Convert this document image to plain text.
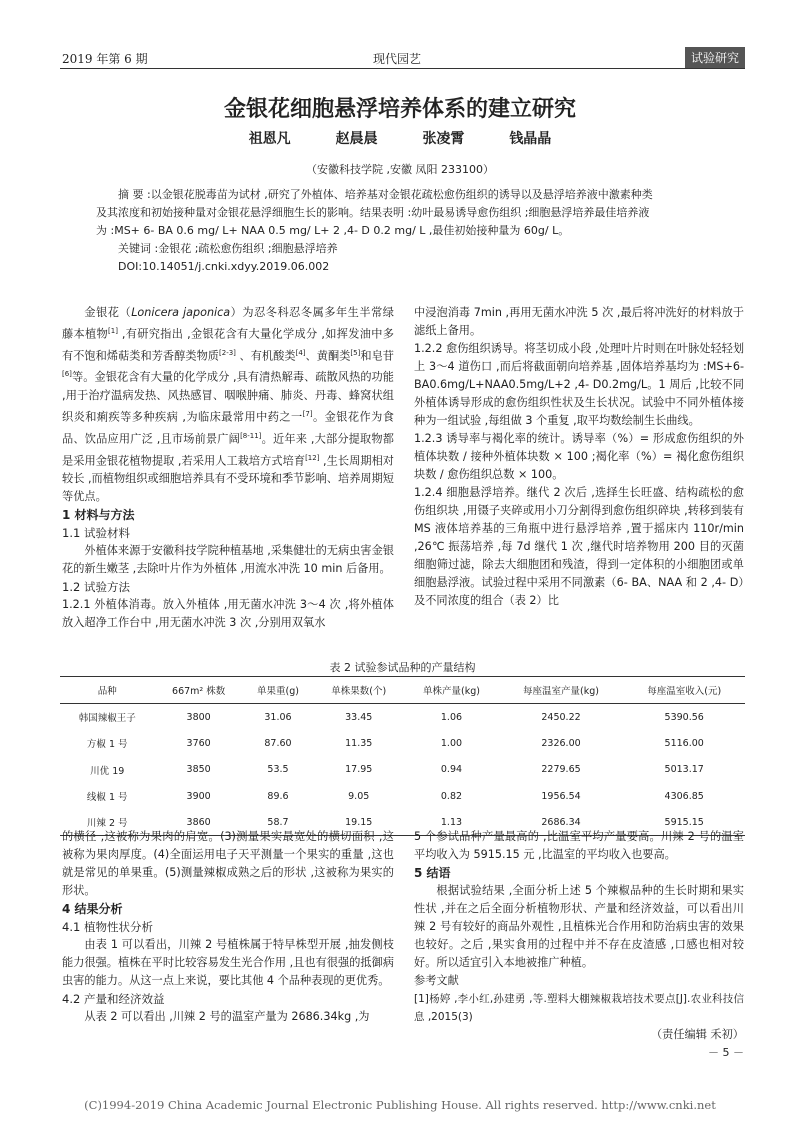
2019 年第 6 期	现代园艺	试验研究
金银花细胞悬浮培养体系的建立研究
祖恩凡	赵晨晨	张凌霄	钱晶晶
（安徽科技学院 ,安徽 凤阳 233100）
摘 要 :以金银花脱毒苗为试材 ,研究了外植体、培养基对金银花疏松愈伤组织的诱导以及悬浮培养液中激素种类
及其浓度和初始接种量对金银花悬浮细胞生长的影响。结果表明 :幼叶最易诱导愈伤组织 ;细胞悬浮培养最佳培养液
为 :MS+ 6- BA 0.6 mg/ L+ NAA 0.5 mg/ L+ 2 ,4- D 0.2 mg/ L ,最佳初始接种量为 60g/ L。
关键词 :金银花 ;疏松愈伤组织 ;细胞悬浮培养
DOI:10.14051/j.cnki.xdyy.2019.06.002
金银花（Lonicera japonica）为忍冬科忍冬属多年生半常绿藤本植物[1] ,有研究指出 ,金银花含有大量化学成分 ,如挥发油中多有不饱和烯萜类和芳香醇类物质[2-3] 、有机酸类[4]、黄酮类[5]和皂苷[6]等。金银花含有大量的化学成分 ,具有清热解毒、疏散风热的功能 ,用于治疗温病发热、风热感冒、咽喉肿痛、肺炎、丹毒、蜂窝状组织炎和痢疾等多种疾病 ,为临床最常用中药之一[7]。金银花作为食品、饮品应用广泛 ,且市场前景广阔[8-11]。近年来 ,大部分提取物都是采用金银花植物提取 ,若采用人工栽培方式培育[12] ,生长周期相对较长 ,而植物组织或细胞培养具有不受环境和季节影响、培养周期短等优点。
1 材料与方法
1.1 试验材料
外植体来源于安徽科技学院种植基地 ,采集健壮的无病虫害金银花的新生嫩茎 ,去除叶片作为外植体 ,用流水冲洗 10 min 后备用。
1.2 试验方法
1.2.1 外植体消毒。放入外植体 ,用无菌水冲洗 3～4 次 ,将外植体放入超净工作台中 ,用无菌水冲洗 3 次 ,分别用双氧水
中浸泡消毒 7min ,再用无菌水冲洗 5 次 ,最后将冲洗好的材料放于滤纸上备用。
1.2.2 愈伤组织诱导。将茎切成小段 ,处理叶片时则在叶脉处轻轻划上 3～4 道伤口 ,而后将截面朝向培养基 ,固体培养基均为 :MS+6- BA0.6mg/L+NAA0.5mg/L+2 ,4- D0.2mg/L。1 周后 ,比较不同外植体诱导形成的愈伤组织性状及生长状况。试验中不同外植体接种为一组试验 ,每组做 3 个重复 ,取平均数绘制生长曲线。
1.2.3 诱导率与褐化率的统计。诱导率（%）= 形成愈伤组织的外植体块数 / 接种外植体块数 × 100 ;褐化率（%）= 褐化愈伤组织块数 / 愈伤组织总数 × 100。
1.2.4 细胞悬浮培养。继代 2 次后 ,选择生长旺盛、结构疏松的愈伤组织块 ,用镊子夹碎或用小刀分割得到愈伤组织碎块 ,转移到装有 MS 液体培养基的三角瓶中进行悬浮培养 ,置于摇床内 110r/min ,26℃ 振荡培养 ,每 7d 继代 1 次 ,继代时培养物用 200 目的灭菌细胞筛过滤，除去大细胞团和残渣，得到一定体积的小细胞团或单细胞悬浮液。试验过程中采用不同激素（6- BA、NAA 和 2 ,4- D）及不同浓度的组合（表 2）比
表 2 试验参试品种的产量结构
品种	667m² 株数	单果重(g)	单株果数(个)	单株产量(kg)	每座温室产量(kg)	每座温室收入(元)
韩国辣椒王子	3800	31.06	33.45	1.06	2450.22	5390.56
方椒 1 号	3760	87.60	11.35	1.00	2326.00	5116.00
川优 19	3850	53.5	17.95	0.94	2279.65	5013.17
线椒 1 号	3900	89.6	9.05	0.82	1956.54	4306.85
川辣 2 号	3860	58.7	19.15	1.13	2686.34	5915.15
的横径 ,这被称为果肉的肩宽。(3)测量果实最宽处的横切面积 ,这被称为果肉厚度。(4)全面运用电子天平测量一个果实的重量 ,这也就是常见的单果重。(5)测量辣椒成熟之后的形状 ,这被称为果实的形状。
4 结果分析
4.1 植物性状分析
由表 1 可以看出，川辣 2 号植株属于特早株型开展 ,抽发侧枝能力很强。植株在平时比较容易发生光合作用 ,且也有很强的抵御病虫害的能力。从这一点上来说，要比其他 4 个品种表现的更优秀。
4.2 产量和经济效益
从表 2 可以看出 ,川辣 2 号的温室产量为 2686.34kg ,为
5 个参试品种产量最高的 ,比温室平均产量要高。川辣 2 号的温室平均收入为 5915.15 元 ,比温室的平均收入也要高。
5 结语
根据试验结果 ,全面分析上述 5 个辣椒品种的生长时期和果实性状 ,并在之后全面分析植物形状、产量和经济效益，可以看出川辣 2 号有较好的商品外观性 ,且植株光合作用和防治病虫害的效果也较好。之后 ,果实食用的过程中并不存在皮渣感 ,口感也相对较好。所以适宜引入本地被推广种植。
参考文献
[1]杨婷 ,李小红,孙建勇 ,等.塑料大棚辣椒栽培技术要点[J].农业科技信息 ,2015(3)
（责任编辑 禾初）
－ 5 －
(C)1994-2019 China Academic Journal Electronic Publishing House. All rights reserved. http://www.cnki.net
